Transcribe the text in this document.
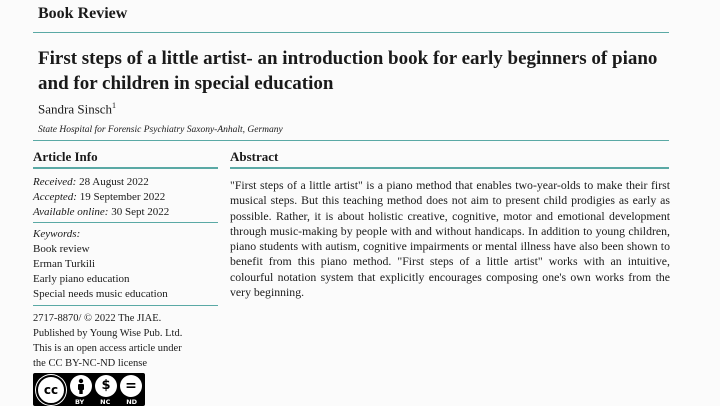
Book Review
First steps of a little artist- an introduction book for early beginners of piano and for children in special education
Sandra Sinsch$^1$
State Hospital for Forensic Psychiatry Saxony-Anhalt, Germany
Article Info	Abstract
Received: 28 August 2022
Accepted: 19 September 2022
Available online: 30 Sept 2022
Keywords:
Book review
Erman Turkili
Early piano education
Special needs music education
2717-8870/ © 2022 The JIAE.
Published by Young Wise Pub. Ltd.
This is an open access article under
the CC BY-NC-ND license
"First steps of a little artist" is a piano method that enables two-year-olds to make their first musical steps. But this teaching method does not aim to present child prodigies as early as possible. Rather, it is about holistic creative, cognitive, motor and emotional development through music-making by people with and without handicaps. In addition to young children, piano students with autism, cognitive impairments or mental illness have also been shown to benefit from this piano method. "First steps of a little artist" works with an intuitive, colourful notation system that explicitly encourages composing one's own works from the very beginning.
cc	$	=
BY NC ND
